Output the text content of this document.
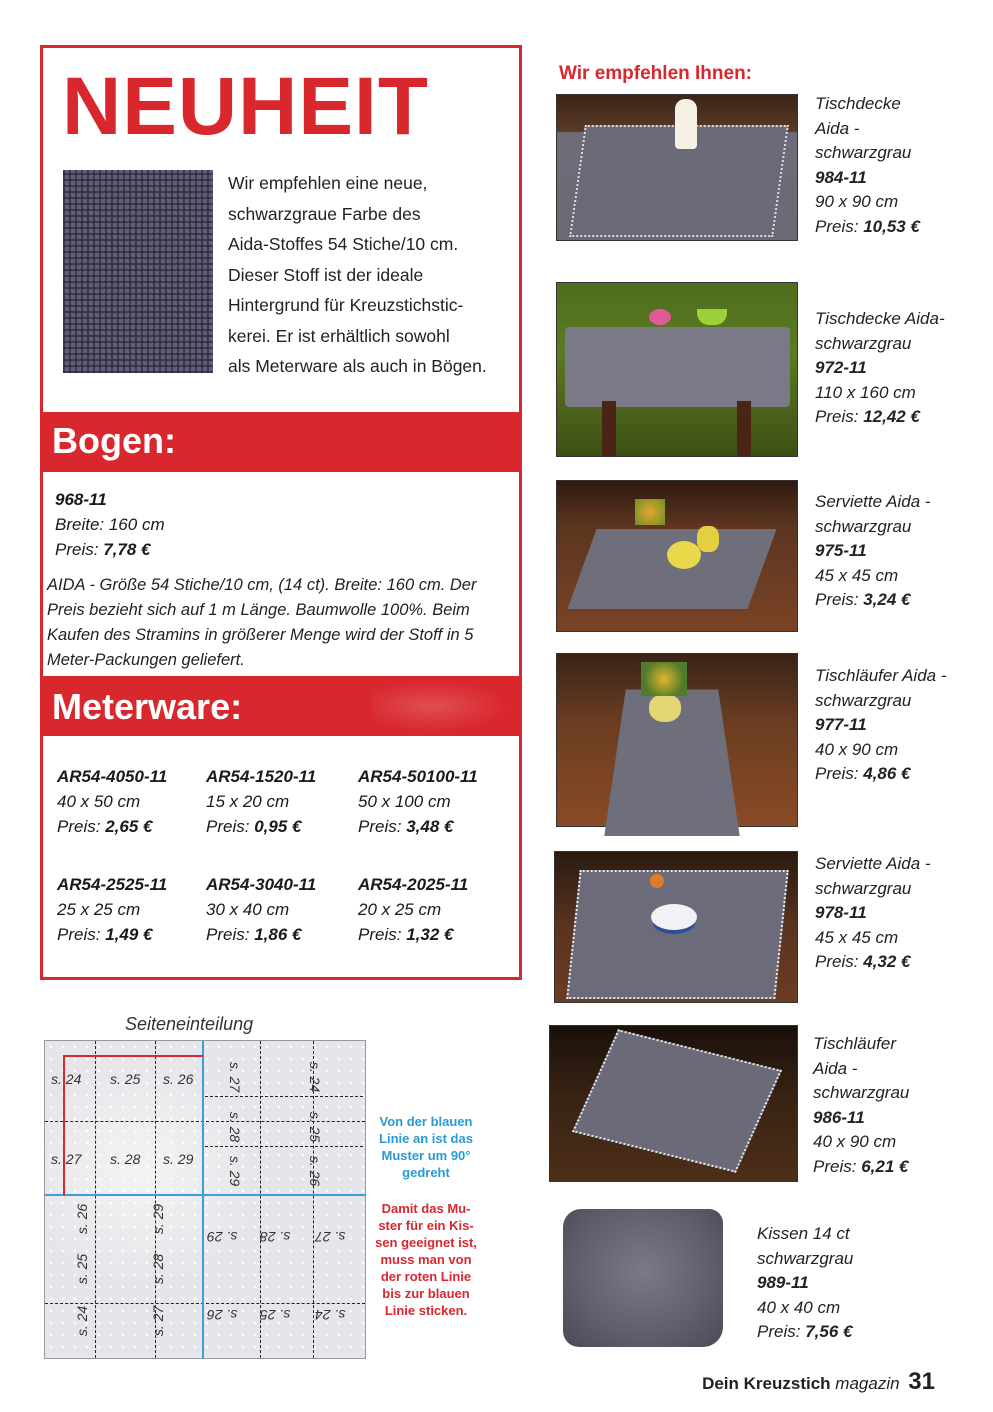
NEUHEIT
Wir empfehlen eine neue,
schwarzgraue Farbe des
Aida-Stoffes 54 Stiche/10 cm.
Dieser Stoff ist der ideale
Hintergrund für Kreuzstichstic-
kerei. Er ist erhältlich sowohl
als Meterware als auch in Bögen.
Bogen:
968-11
Breite: 160 cm
Preis: 7,78 €
AIDA - Größe 54 Stiche/10 cm, (14 ct). Breite: 160 cm. Der
Preis bezieht sich auf 1 m Länge. Baumwolle 100%. Beim
Kaufen des Stramins in größerer Menge wird der Stoff in 5
Meter-Packungen geliefert.
Meterware:
AR54-4050-11
40 x 50 cm
Preis: 2,65 €
AR54-1520-11
15 x 20 cm
Preis: 0,95 €
AR54-50100-11
50 x 100 cm
Preis: 3,48 €
AR54-2525-11
25 x 25 cm
Preis: 1,49 €
AR54-3040-11
30 x 40 cm
Preis: 1,86 €
AR54-2025-11
20 x 25 cm
Preis: 1,32 €
Seiteneinteilung
s. 24 s. 25 s. 26
s. 27 s. 28 s. 29
s. 27	s. 24
s. 28	s. 25
s. 29	s. 26
s. 26	s. 29
s. 25	s. 28
s. 24	s. 27
s. 29 s. 28 s. 27
s. 26 s. 25 s. 24
Von der blauen
Linie an ist das
Muster um 90°
gedreht
Damit das Mu-
ster für ein Kis-
sen geeignet ist,
muss man von
der roten Linie
bis zur blauen
Linie sticken.
Wir empfehlen Ihnen:
Tischdecke
Aida -
schwarzgrau
984-11
90 x 90 cm
Preis: 10,53 €
Tischdecke Aida-
schwarzgrau
972-11
110 x 160 cm
Preis: 12,42 €
Serviette Aida -
schwarzgrau
975-11
45 x 45 cm
Preis: 3,24 €
Tischläufer Aida -
schwarzgrau
977-11
40 x 90 cm
Preis: 4,86 €
Serviette Aida -
schwarzgrau
978-11
45 x 45 cm
Preis: 4,32 €
Tischläufer
Aida -
schwarzgrau
986-11
40 x 90 cm
Preis: 6,21 €
Kissen 14 ct
schwarzgrau
989-11
40 x 40 cm
Preis: 7,56 €
Dein Kreuzstich magazin 31
